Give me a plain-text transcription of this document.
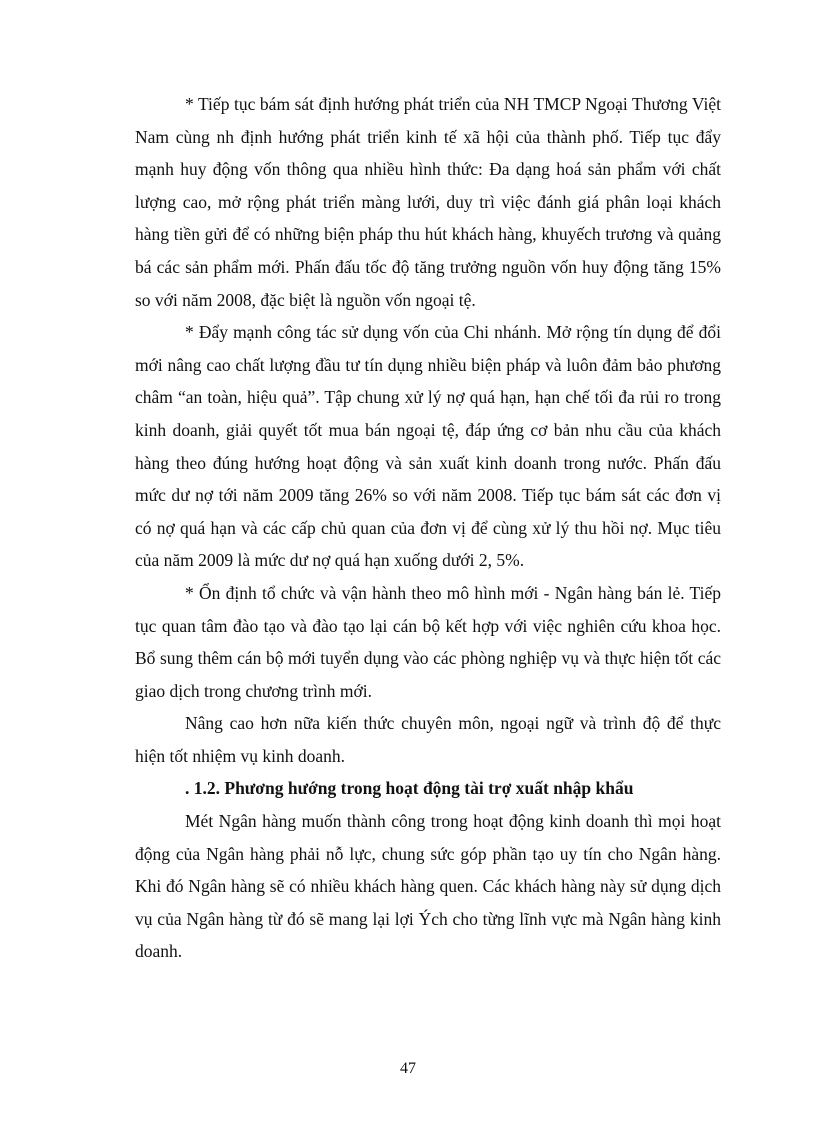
* Tiếp tục bám sát định hướng phát triển của NH TMCP Ngoại Thương Việt Nam cùng nh định hướng phát triển kinh tế xã hội của thành phố. Tiếp tục đẩy mạnh huy động vốn thông qua nhiều hình thức: Đa dạng hoá sản phẩm với chất lượng cao, mở rộng phát triển màng lưới, duy trì việc đánh giá phân loại khách hàng tiền gửi để có những biện pháp thu hút khách hàng, khuyếch trương và quảng bá các sản phẩm mới. Phấn đấu tốc độ tăng trưởng nguồn vốn huy động tăng 15% so với năm 2008, đặc biệt là nguồn vốn ngoại tệ.

* Đẩy mạnh công tác sử dụng vốn của Chi nhánh. Mở rộng tín dụng để đổi mới nâng cao chất lượng đầu tư tín dụng nhiều biện pháp và luôn đảm bảo phương châm “an toàn, hiệu quả”. Tập chung xử lý nợ quá hạn, hạn chế tối đa rủi ro trong kinh doanh, giải quyết tốt mua bán ngoại tệ, đáp ứng cơ bản nhu cầu của khách hàng theo đúng hướng hoạt động và sản xuất kinh doanh trong nước. Phấn đấu mức dư nợ tới năm 2009 tăng 26% so với năm 2008. Tiếp tục bám sát các đơn vị có nợ quá hạn và các cấp chủ quan của đơn vị để cùng xử lý thu hồi nợ. Mục tiêu của năm 2009 là mức dư nợ quá hạn xuống dưới 2, 5%.

* Ổn định tổ chức và vận hành theo mô hình mới - Ngân hàng bán lẻ. Tiếp tục quan tâm đào tạo và đào tạo lại cán bộ kết hợp với việc nghiên cứu khoa học. Bổ sung thêm cán bộ mới tuyển dụng vào các phòng nghiệp vụ và thực hiện tốt các giao dịch trong chương trình mới.

Nâng cao hơn nữa kiến thức chuyên môn, ngoại ngữ và trình độ để thực hiện tốt nhiệm vụ kinh doanh.

. 1.2. Phương hướng trong hoạt động tài trợ xuất nhập khẩu

Mét Ngân hàng muốn thành công trong hoạt động kinh doanh thì mọi hoạt động của Ngân hàng phải nỗ lực, chung sức góp phần tạo uy tín cho Ngân hàng. Khi đó Ngân hàng sẽ có nhiều khách hàng quen. Các khách hàng này sử dụng dịch vụ của Ngân hàng từ đó sẽ mang lại lợi Ých cho từng lĩnh vực mà Ngân hàng kinh doanh.

47
